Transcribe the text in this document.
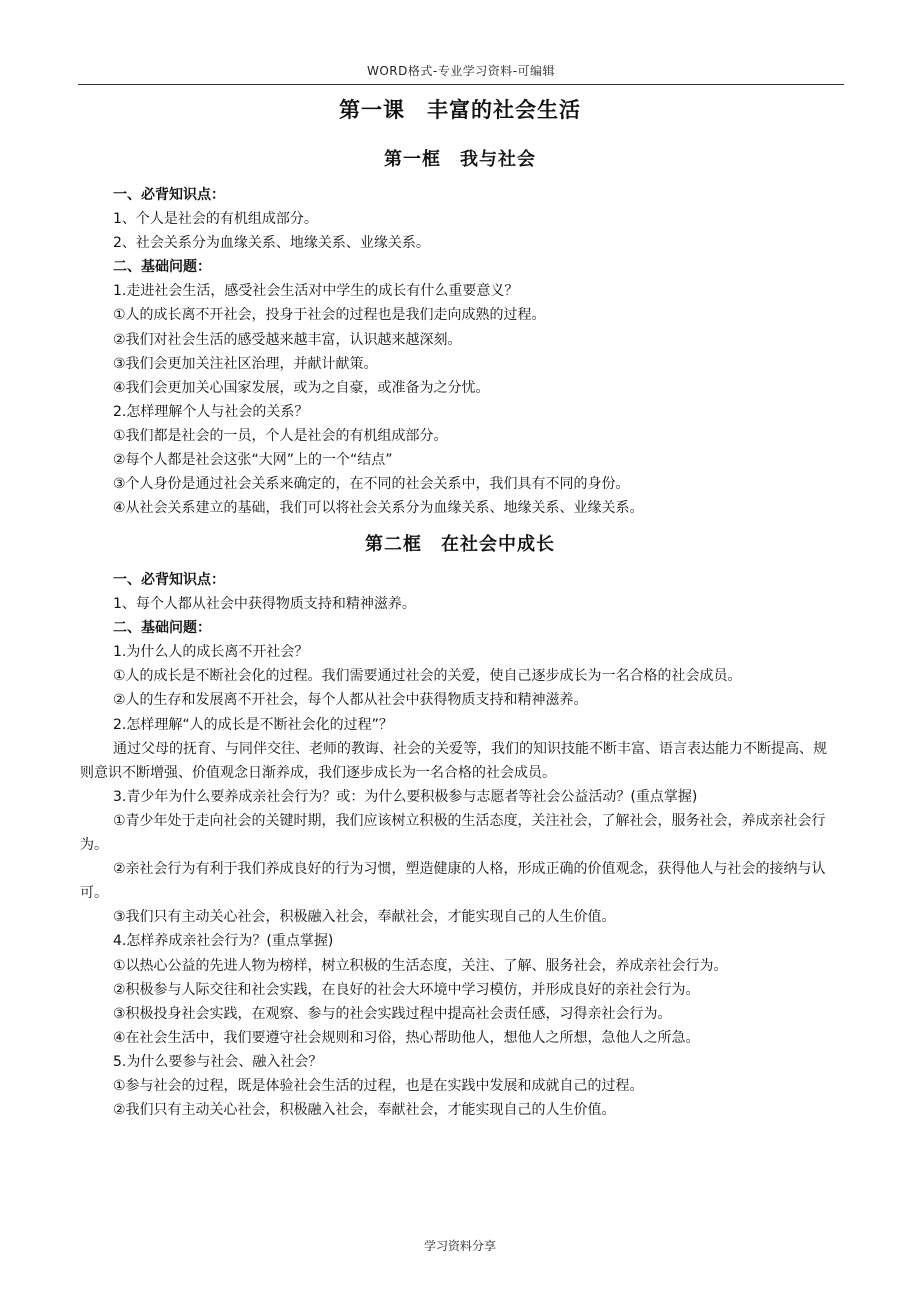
WORD格式-专业学习资料-可编辑
第一课　丰富的社会生活
第一框　我与社会
一、必背知识点：
1、个人是社会的有机组成部分。
2、社会关系分为血缘关系、地缘关系、业缘关系。
二、基础问题：
1.走进社会生活，感受社会生活对中学生的成长有什么重要意义？
①人的成长离不开社会，投身于社会的过程也是我们走向成熟的过程。
②我们对社会生活的感受越来越丰富，认识越来越深刻。
③我们会更加关注社区治理，并献计献策。
④我们会更加关心国家发展，或为之自豪，或准备为之分忧。
2.怎样理解个人与社会的关系？
①我们都是社会的一员，个人是社会的有机组成部分。
②每个人都是社会这张“大网”上的一个“结点”
③个人身份是通过社会关系来确定的，在不同的社会关系中，我们具有不同的身份。
④从社会关系建立的基础，我们可以将社会关系分为血缘关系、地缘关系、业缘关系。
第二框　在社会中成长
一、必背知识点：
1、每个人都从社会中获得物质支持和精神滋养。
二、基础问题：
1.为什么人的成长离不开社会？
①人的成长是不断社会化的过程。我们需要通过社会的关爱，使自己逐步成长为一名合格的社会成员。
②人的生存和发展离不开社会，每个人都从社会中获得物质支持和精神滋养。
2.怎样理解“人的成长是不断社会化的过程”？
通过父母的抚育、与同伴交往、老师的教诲、社会的关爱等，我们的知识技能不断丰富、语言表达能力不断提高、规则意识不断增强、价值观念日渐养成，我们逐步成长为一名合格的社会成员。
3.青少年为什么要养成亲社会行为？或：为什么要积极参与志愿者等社会公益活动？(重点掌握)
①青少年处于走向社会的关键时期，我们应该树立积极的生活态度，关注社会，了解社会，服务社会，养成亲社会行为。
②亲社会行为有利于我们养成良好的行为习惯，塑造健康的人格，形成正确的价值观念，获得他人与社会的接纳与认可。
③我们只有主动关心社会，积极融入社会，奉献社会，才能实现自己的人生价值。
4.怎样养成亲社会行为？(重点掌握)
①以热心公益的先进人物为榜样，树立积极的生活态度，关注、了解、服务社会，养成亲社会行为。
②积极参与人际交往和社会实践，在良好的社会大环境中学习模仿，并形成良好的亲社会行为。
③积极投身社会实践，在观察、参与的社会实践过程中提高社会责任感，习得亲社会行为。
④在社会生活中，我们要遵守社会规则和习俗，热心帮助他人，想他人之所想，急他人之所急。
5.为什么要参与社会、融入社会？
①参与社会的过程，既是体验社会生活的过程，也是在实践中发展和成就自己的过程。
②我们只有主动关心社会，积极融入社会，奉献社会，才能实现自己的人生价值。
学习资料分享
